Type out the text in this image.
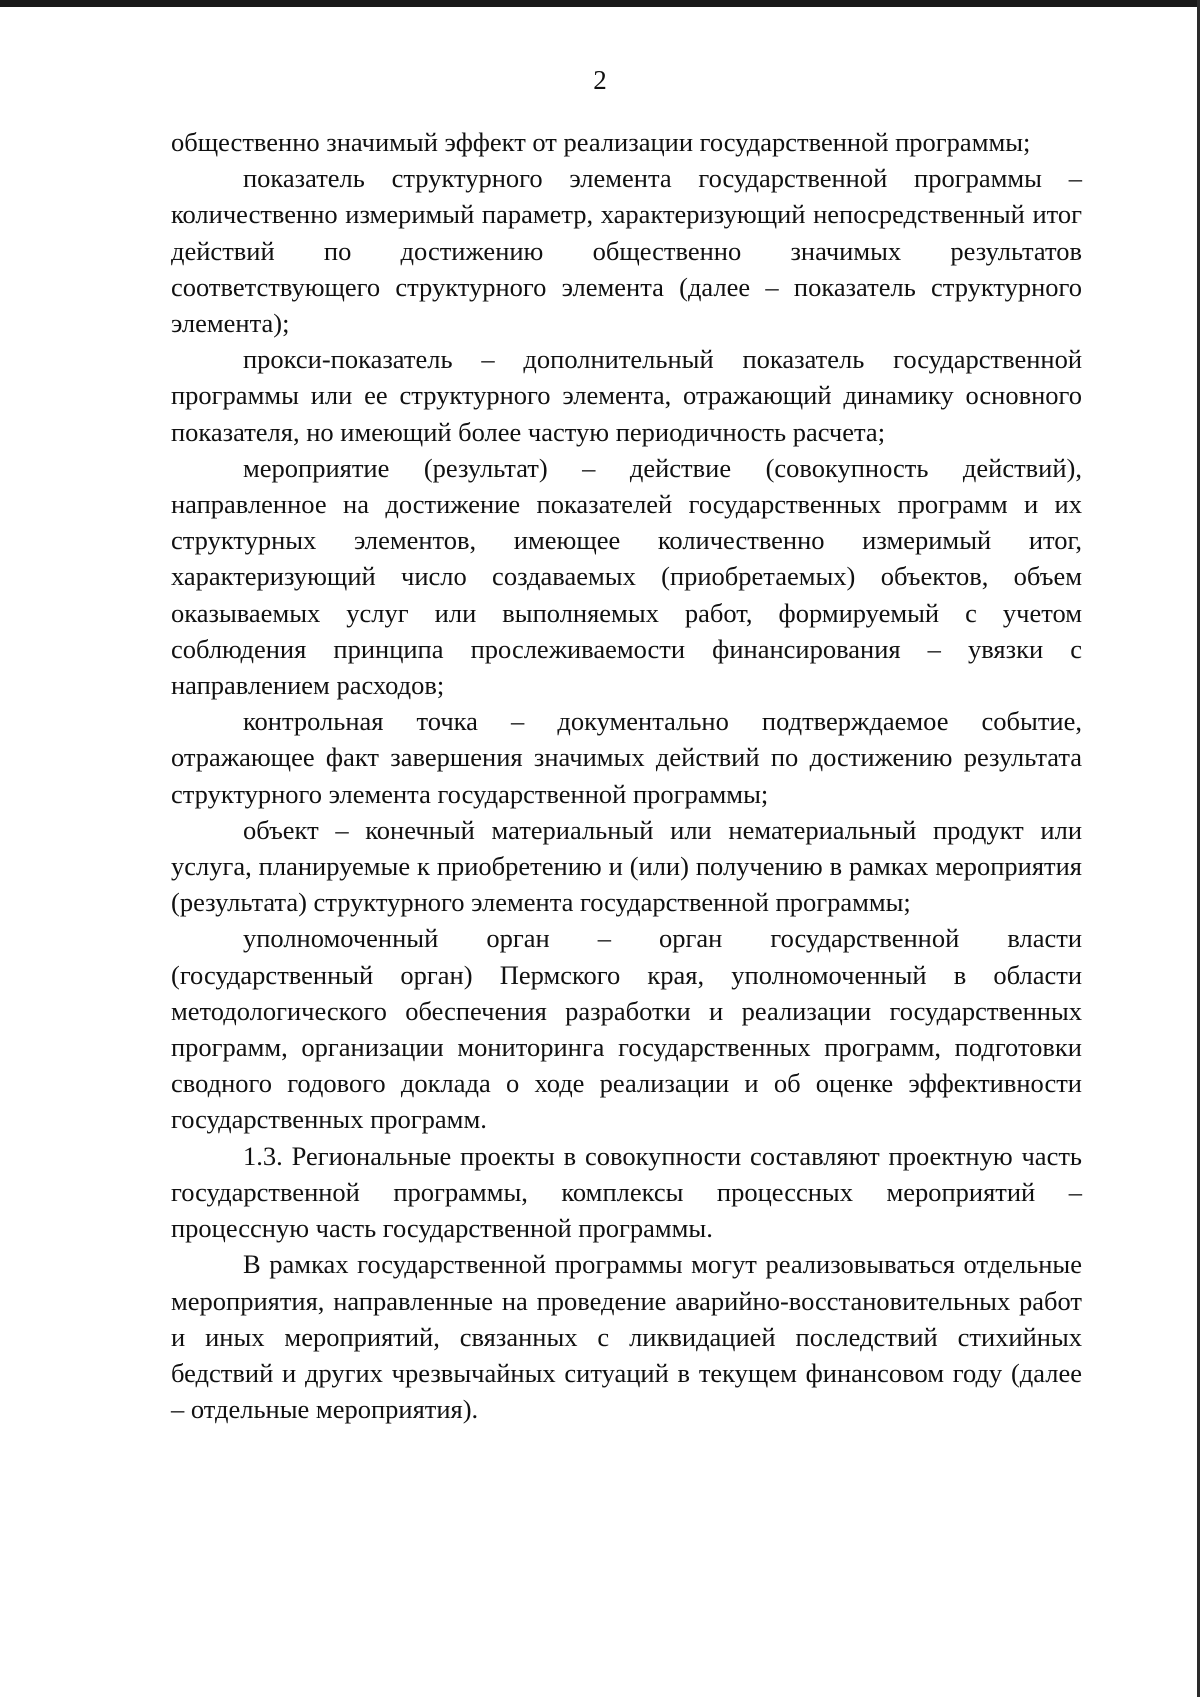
2

общественно значимый эффект от реализации государственной программы;

показатель структурного элемента государственной программы – количественно измеримый параметр, характеризующий непосредственный итог действий по достижению общественно значимых результатов соответствующего структурного элемента (далее – показатель структурного элемента);

прокси-показатель – дополнительный показатель государственной программы или ее структурного элемента, отражающий динамику основного показателя, но имеющий более частую периодичность расчета;

мероприятие (результат) – действие (совокупность действий), направленное на достижение показателей государственных программ и их структурных элементов, имеющее количественно измеримый итог, характеризующий число создаваемых (приобретаемых) объектов, объем оказываемых услуг или выполняемых работ, формируемый с учетом соблюдения принципа прослеживаемости финансирования – увязки с направлением расходов;

контрольная точка – документально подтверждаемое событие, отражающее факт завершения значимых действий по достижению результата структурного элемента государственной программы;

объект – конечный материальный или нематериальный продукт или услуга, планируемые к приобретению и (или) получению в рамках мероприятия (результата) структурного элемента государственной программы;

уполномоченный орган – орган государственной власти (государственный орган) Пермского края, уполномоченный в области методологического обеспечения разработки и реализации государственных программ, организации мониторинга государственных программ, подготовки сводного годового доклада о ходе реализации и об оценке эффективности государственных программ.

1.3. Региональные проекты в совокупности составляют проектную часть государственной программы, комплексы процессных мероприятий – процессную часть государственной программы.

В рамках государственной программы могут реализовываться отдельные мероприятия, направленные на проведение аварийно-восстановительных работ и иных мероприятий, связанных с ликвидацией последствий стихийных бедствий и других чрезвычайных ситуаций в текущем финансовом году (далее – отдельные мероприятия).
